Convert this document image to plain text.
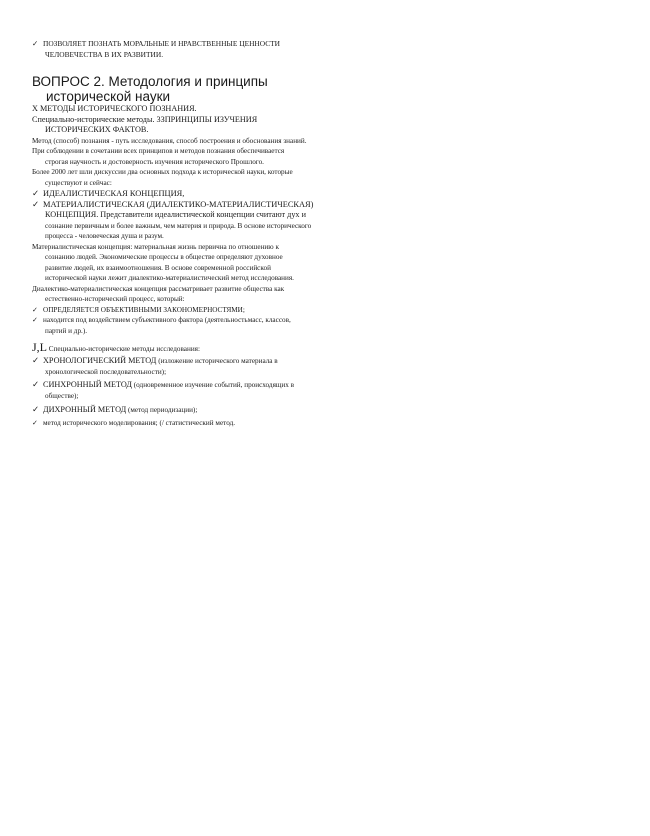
✓ ПОЗВОЛЯЕТ ПОЗНАТЬ МОРАЛЬНЫЕ И НРАВСТВЕННЫЕ ЦЕННОСТИ
ЧЕЛОВЕЧЕСТВА В ИХ РАЗВИТИИ.
ВОПРОС 2. Методология и принципы
исторической науки
Х МЕТОДЫ ИСТОРИЧЕСКОГО ПОЗНАНИЯ.
Специально-исторические методы. 3ЗПРИНЦИПЫ ИЗУЧЕНИЯ
ИСТОРИЧЕСКИХ ФАКТОВ.
Метод (способ) познания - путь исследования, способ построения и обоснования знаний.
При соблюдении в сочетании всех принципов и методов познания обеспечивается
строгая научность и достоверность изучения исторического Прошлого.
Более 2000 лет шли дискуссии два основных подхода к исторической науки, которые
существуют и сейчас:
✓ ИДЕАЛИСТИЧЕСКАЯ КОНЦЕПЦИЯ,
✓ МАТЕРИАЛИСТИЧЕСКАЯ (ДИАЛЕКТИКО-МАТЕРИАЛИСТИЧЕСКАЯ)
КОНЦЕПЦИЯ. Представители идеалистической концепции считают дух и
сознание первичным и более важным, чем материя и природа. В основе исторического
процесса - человеческая душа и разум.
Материалистическая концепция: материальная жизнь первична по отношению к
сознанию людей. Экономические процессы в обществе определяют духовное
развитие людей, их взаимоотношения. В основе современной российской
исторической науки лежит диалектико-материалистический метод исследования.
Диалектико-материалистическая концепция рассматривает развитие общества как
естественно-исторический процесс, который:
✓ ОПРЕДЕЛЯЕТСЯ ОБЪЕКТИВНЫМИ ЗАКОНОМЕРНОСТЯМИ;
✓ находится под воздействием субъективного фактора (деятельностьмасс, классов,
партий и др.).
J,L Специально-исторические методы исследования:
✓ ХРОНОЛОГИЧЕСКИЙ МЕТОД (изложение исторического материала в
хронологической последовательности);
✓ СИНХРОННЫЙ МЕТОД (одновременное изучение событий, происходящих в
обществе);
✓ ДИХРОННЫЙ МЕТОД (метод периодизации);
✓ метод исторического моделирования; (/ статистический метод.
